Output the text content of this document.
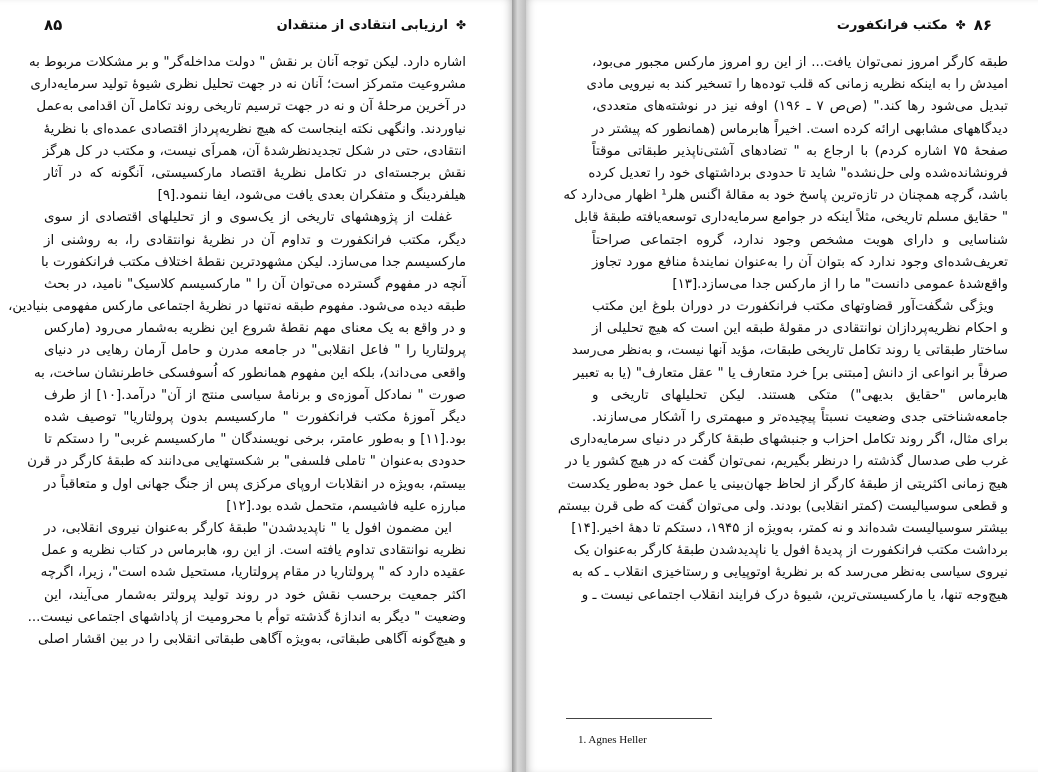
✤
ارزیابی انتقادی از منتقدان
۸۵
اشاره دارد. لیکن توجه آنان بر نقش " دولت مداخله‌گر" و بر مشکلات مربوط به
مشروعیت متمرکز است؛ آنان نه در جهت تحلیل نظری شیوهٔ تولید سرمایه‌داری
در آخرین مرحلهٔ آن و نه در جهت ترسیم تاریخی روند تکامل آن اقدامی به‌عمل
نیاوردند. وانگهی نکته اینجاست که هیچ نظریه‌پرداز اقتصادی عمده‌ای با نظریهٔ
انتقادی، حتی در شکل تجدیدنظرشدهٔ آن، همراَی نیست، و مکتب در کل هرگز
نقش برجسته‌ای در تکامل نظریهٔ اقتصاد مارکسیستی، آنگونه که در آثار
هیلفردینگ و متفکران بعدی یافت می‌شود، ایفا ننمود.[۹]
غفلت از پژوهشهای تاریخی از یک‌سوی و از تحلیلهای اقتصادی از سوی
دیگر، مکتب فرانکفورت و تداوم آن در نظریهٔ نوانتقادی را، به روشنی از
مارکسیسم جدا می‌سازد. لیکن مشهودترین نقطهٔ اختلاف مکتب فرانکفورت با
آنچه در مفهوم گسترده می‌توان آن را " مارکسیسم کلاسیک" نامید، در بحث
طبقه دیده می‌شود. مفهوم طبقه نه‌تنها در نظریهٔ اجتماعی مارکس مفهومی بنیادین،
و در واقع به یک معنای مهم نقطهٔ شروع این نظریه به‌شمار می‌رود (مارکس
پرولتاریا را " فاعل انقلابی" در جامعه مدرن و حامل آرمان رهایی در دنیای
واقعی می‌داند)، بلکه این مفهوم همانطور که اُسوفسکی خاطرنشان ساخت، به
صورت " نمادکل آموزه‌ی و برنامهٔ سیاسی منتج از آن" درآمد.[۱۰] از طرف
دیگر آموزهٔ مکتب فرانکفورت " مارکسیسم بدون پرولتاریا" توصیف شده
بود.[۱۱] و به‌طور عامتر، برخی نویسندگان " مارکسیسم غربی" را دستکم تا
حدودی به‌عنوان " تاملی فلسفی" بر شکستهایی می‌دانند که طبقهٔ کارگر در قرن
بیستم، به‌ویژه در انقلابات اروپای مرکزی پس از جنگ جهانی اول و متعاقباً در
مبارزه علیه فاشیسم، متحمل شده بود.[۱۲]
این مضمون افول یا " ناپدیدشدن" طبقهٔ کارگر به‌عنوان نیروی انقلابی، در
نظریه نوانتقادی تداوم یافته است. از این رو، هابرماس در کتاب نظریه و عمل
عقیده دارد که " پرولتاریا در مقام پرولتاریا، مستحیل شده است"، زیرا، اگرچه
اکثر جمعیت برحسب نقش خود در روند تولید پرولتر به‌شمار می‌آیند، این
وضعیت " دیگر به اندازهٔ گذشته توأم با محرومیت از پاداشهای اجتماعی نیست...
و هیچ‌گونه آگاهی طبقاتی، به‌ویژه آگاهی طبقاتی انقلابی را در بین اقشار اصلی
۸۶
✤
مکتب فرانکفورت
طبقه کارگر امروز نمی‌توان یافت... از این رو امروز مارکس مجبور می‌بود،
امیدش را به اینکه نظریه زمانی که قلب توده‌ها را تسخیر کند به نیرویی مادی
تبدیل می‌شود رها کند." (ص‌ص ۷ ـ ۱۹۶) اوفه نیز در نوشته‌های متعددی،
دیدگاههای مشابهی ارائه کرده است. اخیراً هابرماس (همانطور که پیشتر در
صفحهٔ ۷۵ اشاره کردم) با ارجاع به " تضادهای آشتی‌ناپذیر طبقاتی موقتاً
فرونشانده‌شده ولی حل‌نشده" شاید تا حدودی برداشتهای خود را تعدیل کرده
باشد، گرچه همچنان در تازه‌ترین پاسخ خود به مقالهٔ اگنس هلر¹ اظهار می‌دارد که
" حقایق مسلم تاریخی، مثلاً اینکه در جوامع سرمایه‌داری توسعه‌یافته طبقهٔ قابل
شناسایی و دارای هویت مشخص وجود ندارد، گروه اجتماعی صراحتاً
تعریف‌شده‌ای وجود ندارد که بتوان آن را به‌عنوان نمایندهٔ منافع مورد تجاوز
واقع‌شدهٔ عمومی دانست" ما را از مارکس جدا می‌سازد.[۱۳]
ویژگی شگفت‌آور قضاوتهای مکتب فرانکفورت در دوران بلوغ این مکتب
و احکام نظریه‌پردازان نوانتقادی در مقولهٔ طبقه این است که هیچ تحلیلی از
ساختار طبقاتی یا روند تکامل تاریخی طبقات، مؤید آنها نیست، و به‌نظر می‌رسد
صرفاً بر انواعی از دانش [مبتنی بر] خرد متعارف یا " عقل متعارف" (یا به تعبیر
هابرماس "حقایق بدیهی") متکی هستند. لیکن تحلیلهای تاریخی و
جامعه‌شناختی جدی وضعیت نسبتاً پیچیده‌تر و مبهمتری را آشکار می‌سازند.
برای مثال، اگر روند تکامل احزاب و جنبشهای طبقهٔ کارگر در دنیای سرمایه‌داری
غرب طی صدسال گذشته را درنظر بگیریم، نمی‌توان گفت که در هیچ کشور یا در
هیچ زمانی اکثریتی از طبقهٔ کارگر از لحاظ جهان‌بینی یا عمل خود به‌طور یکدست
و قطعی سوسیالیست (کمتر انقلابی) بودند. ولی می‌توان گفت که طی قرن بیستم
بیشتر سوسیالیست شده‌اند و نه کمتر، به‌ویژه از ۱۹۴۵، دستکم تا دههٔ اخیر.[۱۴]
برداشت مکتب فرانکفورت از پدیدهٔ افول یا ناپدیدشدن طبقهٔ کارگر به‌عنوان یک
نیروی سیاسی به‌نظر می‌رسد که بر نظریهٔ اوتوپیایی و رستاخیزی انقلاب ـ که به
هیچ‌وجه تنها، یا مارکسیستی‌ترین، شیوهٔ درک فرایند انقلاب اجتماعی نیست ـ و
1. Agnes Heller
